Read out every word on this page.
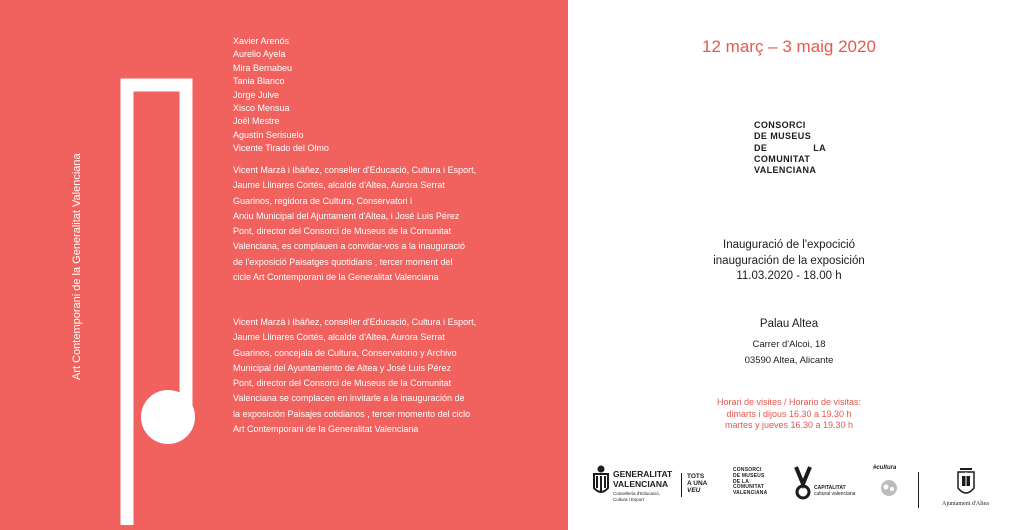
Art Contemporani de la Generalitat Valenciana
Xavier Arenós
Aurelio Ayela
Mira Bernabeu
Tania Blanco
Jorge Julve
Xisco Mensua
Joël Mestre
Agustín Serisuelo
Vicente Tirado del Olmo
Vicent Marzà i Ibáñez, conseller d'Educació, Cultura i Esport,
Jaume Llinares Cortés, alcalde d'Altea, Aurora Serrat
Guarinos, regidora de Cultura, Conservatori i
Arxiu Municipal del Ajuntament d'Altea, i José Luis Pérez
Pont, director del Consorci de Museus de la Comunitat
Valenciana, es complauen a convidar-vos a la inauguració
de l'exposició Paisatges quotidians , tercer moment del
cicle Art Contemporani de la Generalitat Valenciana
Vicent Marzà i Ibáñez, conseller d'Educació, Cultura i Esport,
Jaume Llinares Cortés, alcalde d'Altea, Aurora Serrat
Guarinos, concejala de Cultura, Conservatorio y Archivo
Municipal del Ayuntamiento de Altea y José Luis Pérez
Pont, director del Consorci de Museus de la Comunitat
Valenciana se complacen en invitarle a la inauguración de
la exposición Paisajes cotidianos , tercer momento del ciclo
Art Contemporani de la Generalitat Valenciana
12 març – 3 maig 2020
CONSORCI
DE MUSEUS
DE	LA
COMUNITAT
VALENCIANA
Inauguració de l'expocició
inauguración de la exposición
11.03.2020 - 18.00 h
Palau Altea
Carrer d'Alcoi, 18
03590 Altea, Alicante
Horari de visites / Horario de visitas:
dimarts i dijous 16.30 a 19.30 h
martes y jueves 16.30 a 19.30 h
GENERALITAT
VALENCIANA
Conselleria d'Educació,
Cultura i Esport
TOTS
A UNA
VEU
CONSORCI
DE MUSEUS
DE LA
COMUNITAT
VALENCIANA
CAPITALITAT
cultural valenciana
#cultura
Ajuntament d'Altea
